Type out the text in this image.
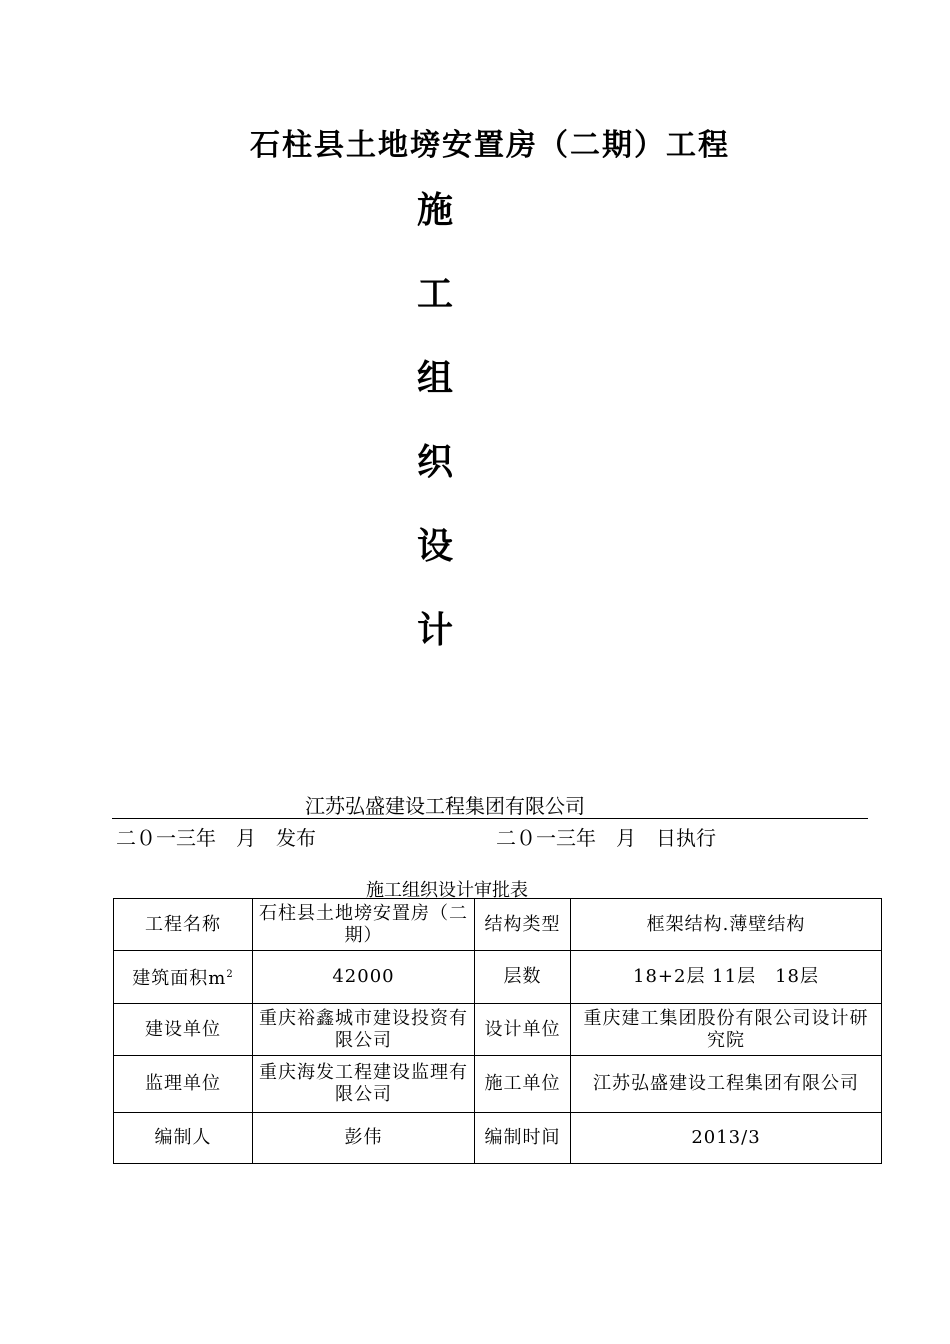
石柱县土地塝安置房（二期）工程
施
工
组
织
设
计
江苏弘盛建设工程集团有限公司
二０一三年　月　发布	二０一三年　月　日执行
施工组织设计审批表
工程名称	石柱县土地塝安置房（二期）	结构类型	框架结构.薄壁结构
建筑面积$m^2$	42000	层数	18+2层 11层　18层
建设单位	重庆裕鑫城市建设投资有限公司	设计单位	重庆建工集团股份有限公司设计研究院
监理单位	重庆海发工程建设监理有限公司	施工单位	江苏弘盛建设工程集团有限公司
编制人	彭伟	编制时间	2013/3
